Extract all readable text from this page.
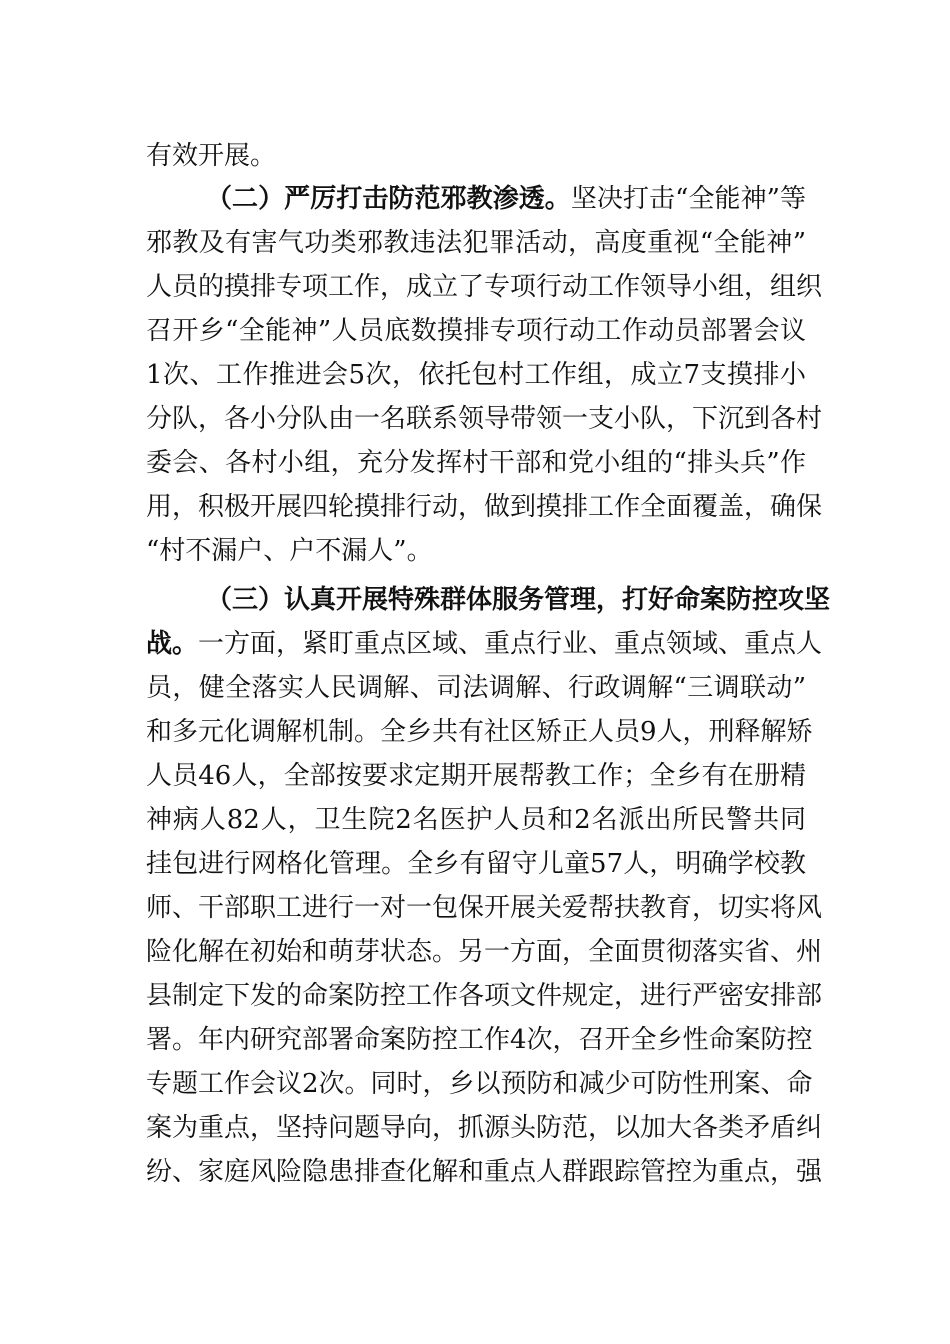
有效开展。
（二）严厉打击防范邪教渗透。坚决打击“全能神”等
邪教及有害气功类邪教违法犯罪活动，高度重视“全能神”
人员的摸排专项工作，成立了专项行动工作领导小组，组织
召开乡“全能神”人员底数摸排专项行动工作动员部署会议
1次、工作推进会5次，依托包村工作组，成立7支摸排小
分队，各小分队由一名联系领导带领一支小队，下沉到各村
委会、各村小组，充分发挥村干部和党小组的“排头兵”作
用，积极开展四轮摸排行动，做到摸排工作全面覆盖，确保
“村不漏户、户不漏人”。
（三）认真开展特殊群体服务管理，打好命案防控攻坚
战。一方面，紧盯重点区域、重点行业、重点领域、重点人
员，健全落实人民调解、司法调解、行政调解“三调联动”
和多元化调解机制。全乡共有社区矫正人员9人，刑释解矫
人员46人，全部按要求定期开展帮教工作；全乡有在册精
神病人82人，卫生院2名医护人员和2名派出所民警共同
挂包进行网格化管理。全乡有留守儿童57人，明确学校教
师、干部职工进行一对一包保开展关爱帮扶教育，切实将风
险化解在初始和萌芽状态。另一方面，全面贯彻落实省、州
县制定下发的命案防控工作各项文件规定，进行严密安排部
署。年内研究部署命案防控工作4次，召开全乡性命案防控
专题工作会议2次。同时，乡以预防和减少可防性刑案、命
案为重点，坚持问题导向，抓源头防范，以加大各类矛盾纠
纷、家庭风险隐患排查化解和重点人群跟踪管控为重点，强
